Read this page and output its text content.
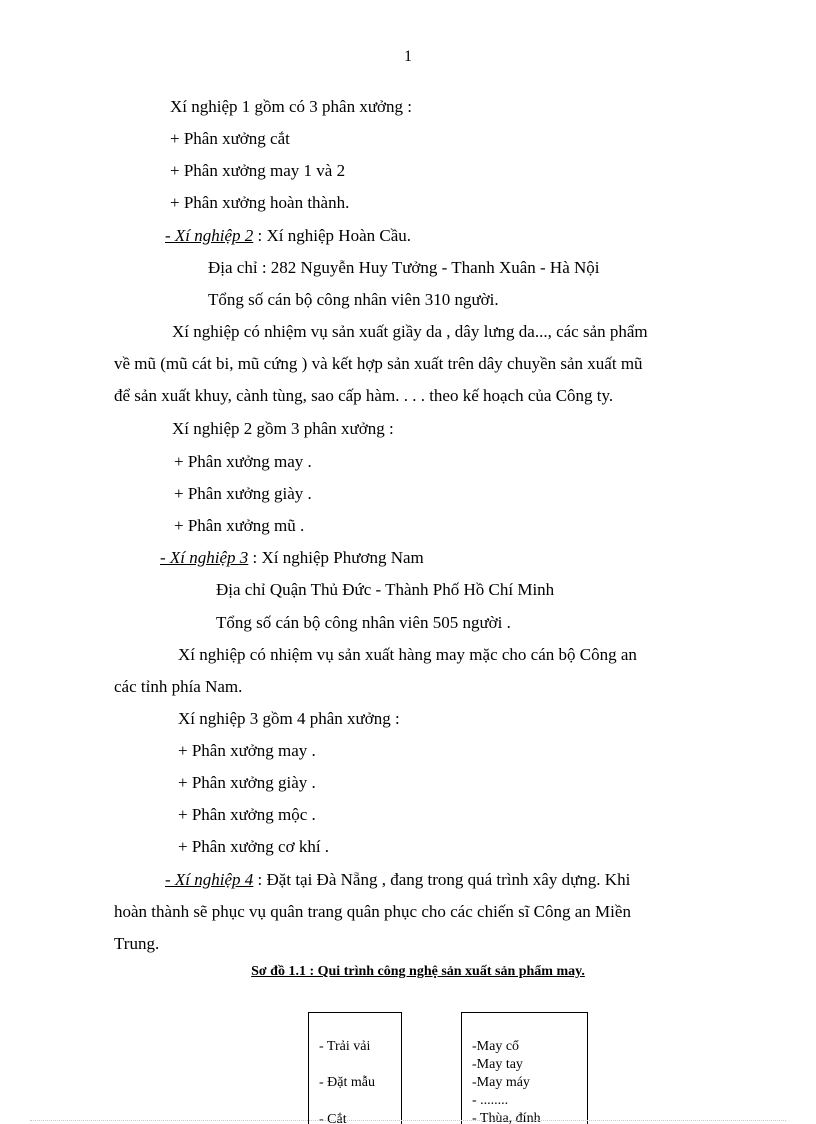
1
Xí nghiệp 1 gồm có 3 phân xưởng :
+ Phân xưởng cắt
+ Phân xưởng may 1 và 2
+ Phân xưởng hoàn thành.
- Xí nghiệp 2 : Xí nghiệp Hoàn Cầu.
Địa chỉ : 282 Nguyễn Huy Tưởng - Thanh Xuân - Hà Nội
Tổng số cán bộ công nhân viên 310 người.
Xí nghiệp có nhiệm vụ sản xuất giầy da , dây lưng da..., các sản phẩm
về mũ (mũ cát bi, mũ cứng ) và kết hợp sản xuất trên dây chuyền sản xuất mũ
để sản xuất khuy, cành tùng, sao cấp hàm. . . . theo kế hoạch của Công ty.
Xí nghiệp 2 gồm 3 phân xưởng :
+ Phân xưởng may .
+ Phân xưởng giày .
+ Phân xưởng mũ .
- Xí nghiệp 3 : Xí nghiệp Phương Nam
Địa chỉ Quận Thủ Đức - Thành Phố Hồ Chí Minh
Tổng số cán bộ công nhân viên 505 người .
Xí nghiệp có nhiệm vụ sản xuất hàng may mặc cho cán bộ Công an
các tỉnh phía Nam.
Xí nghiệp 3 gồm 4 phân xưởng :
+ Phân xưởng may .
+ Phân xưởng giày .
+ Phân xưởng mộc .
+ Phân xưởng cơ khí .
- Xí nghiệp 4 : Đặt tại Đà Nẵng , đang trong quá trình xây dựng. Khi
hoàn thành sẽ phục vụ quân trang quân phục cho các chiến sĩ Công an Miền
Trung.
Sơ đồ 1.1 : Qui trình công nghệ sản xuất sản phẩm may.
- Trải vải
- Đặt mẫu
- Cắt
-May cổ
-May tay
-May máy
- ........
- Thùa, đính
